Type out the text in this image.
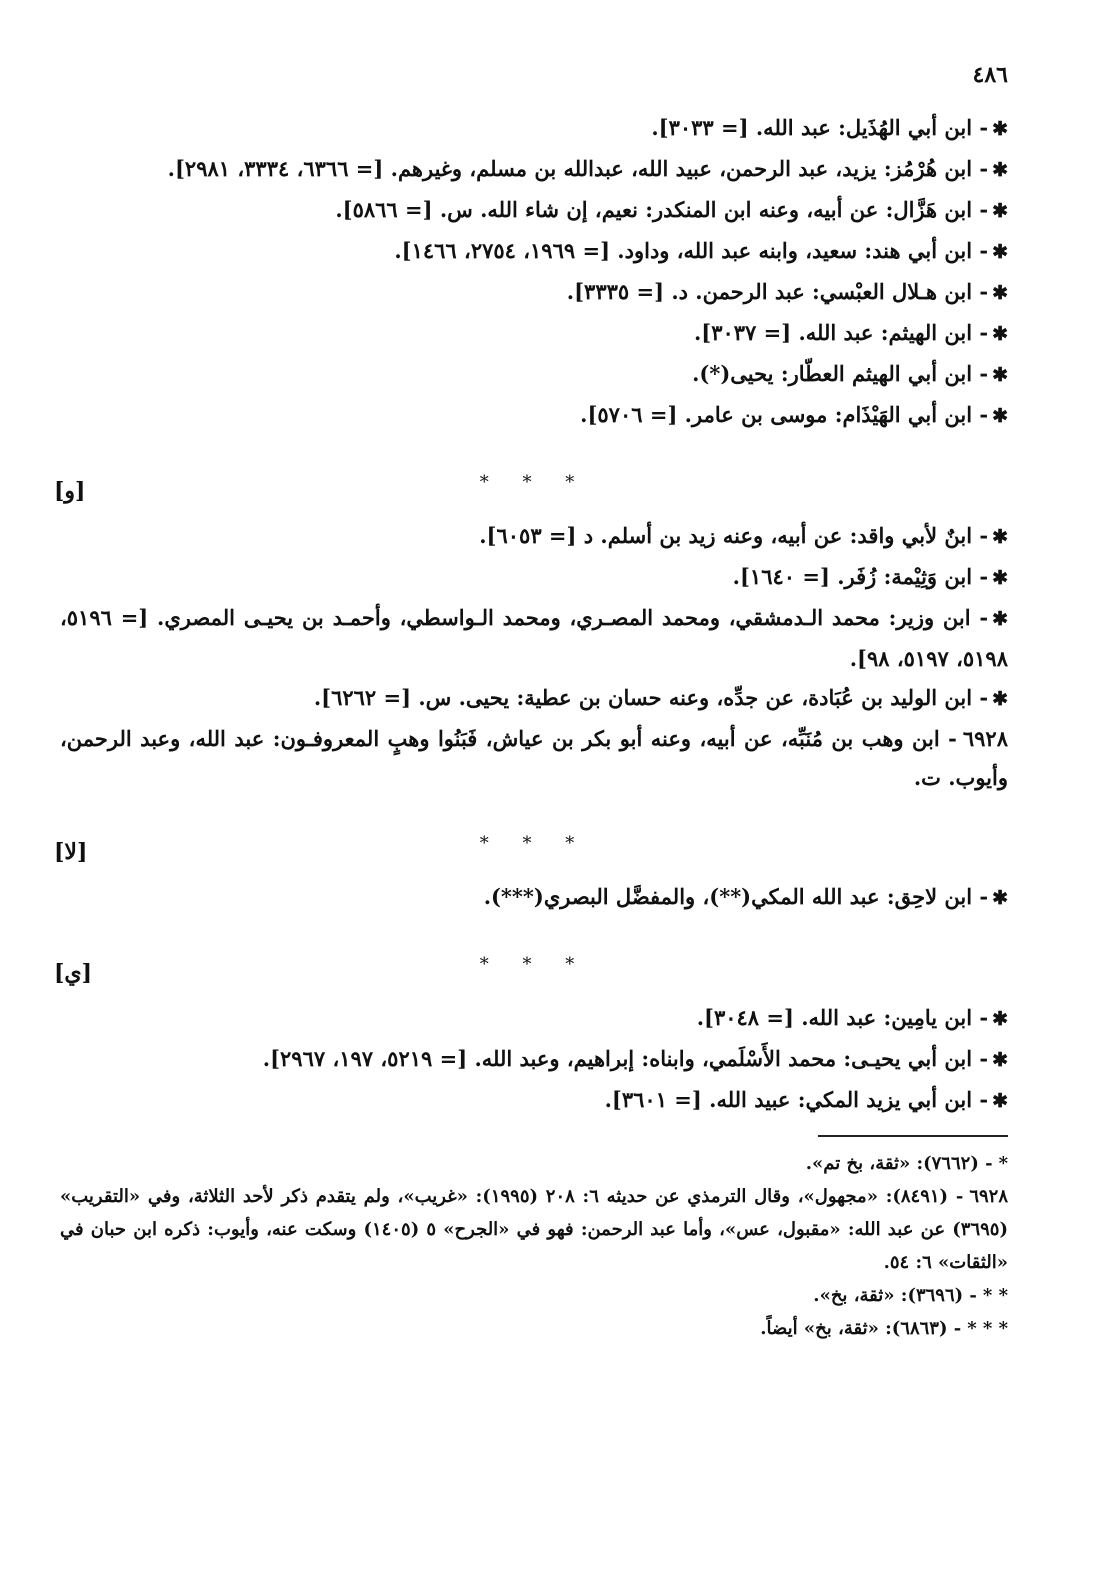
٤٨٦

✱- ابن أبي الهُذَيل: عبد الله. [= ٣٠٣٣].

✱- ابن هُرْمُز: يزيد، عبد الرحمن، عبيد الله، عبدالله بن مسلم، وغيرهم. [= ٦٣٦٦، ٣٣٣٤، ٢٩٨١].

✱- ابن هَزَّال: عن أبيه، وعنه ابن المنكدر: نعيم، إن شاء الله. س. [= ٥٨٦٦].

✱- ابن أبي هند: سعيد، وابنه عبد الله، وداود. [= ١٩٦٩، ٢٧٥٤، ١٤٦٦].

✱- ابن هـلال العبْسي: عبد الرحمن. د. [= ٣٣٣٥].

✱- ابن الهيثم: عبد الله. [= ٣٠٣٧].

✱- ابن أبي الهيثم العطّار: يحيى(*).

✱- ابن أبي الهَيْذَام: موسى بن عامر. [= ٥٧٠٦].

* * *
[و]

✱- ابنٌ لأبي واقد: عن أبيه، وعنه زيد بن أسلم. د [= ٦٠٥٣].

✱- ابن وَثِيْمة: زُفَر. [= ١٦٤٠].

✱- ابن وزير: محمد الـدمشقي، ومحمد المصـري، ومحمد الـواسطي، وأحمـد بن يحيـى المصري. [= ٥١٩٦، ٥١٩٨، ٥١٩٧، ٩٨].

✱- ابن الوليد بن عُبَادة، عن جدِّه، وعنه حسان بن عطية: يحيى. س. [= ٦٢٦٢].

٦٩٢٨- ابن وهب بن مُنَبِّه، عن أبيه، وعنه أبو بكر بن عياش، فَبَنُوا وهبٍ المعروفـون: عبد الله، وعبد الرحمن، وأيوب. ت.

* * *
[لا]

✱- ابن لاحِق: عبد الله المكي(**)، والمفضَّل البصري(***).

* * *
[ي]

✱- ابن يامِين: عبد الله. [= ٣٠٤٨].

✱- ابن أبي يحيـى: محمد الأَسْلَمي، وابناه: إبراهيم، وعبد الله. [= ٥٢١٩، ١٩٧، ٢٩٦٧].

✱- ابن أبي يزيد المكي: عبيد الله. [= ٣٦٠١].

*- (٧٦٦٢): «ثقة، بخ تم».

٦٩٢٨- (٨٤٩١): «مجهول»، وقال الترمذي عن حديثه ٦: ٢٠٨ (١٩٩٥): «غريب»، ولم يتقدم ذكر لأحد الثلاثة، وفي «التقريب» (٣٦٩٥) عن عبد الله: «مقبول، عس»، وأما عبد الرحمن: فهو في «الجرح» ٥ (١٤٠٥) وسكت عنه، وأيوب: ذكره ابن حبان في «الثقات» ٦: ٥٤.

* *- (٣٦٩٦): «ثقة، بخ».

* * *- (٦٨٦٣): «ثقة، بخ» أيضاً.
